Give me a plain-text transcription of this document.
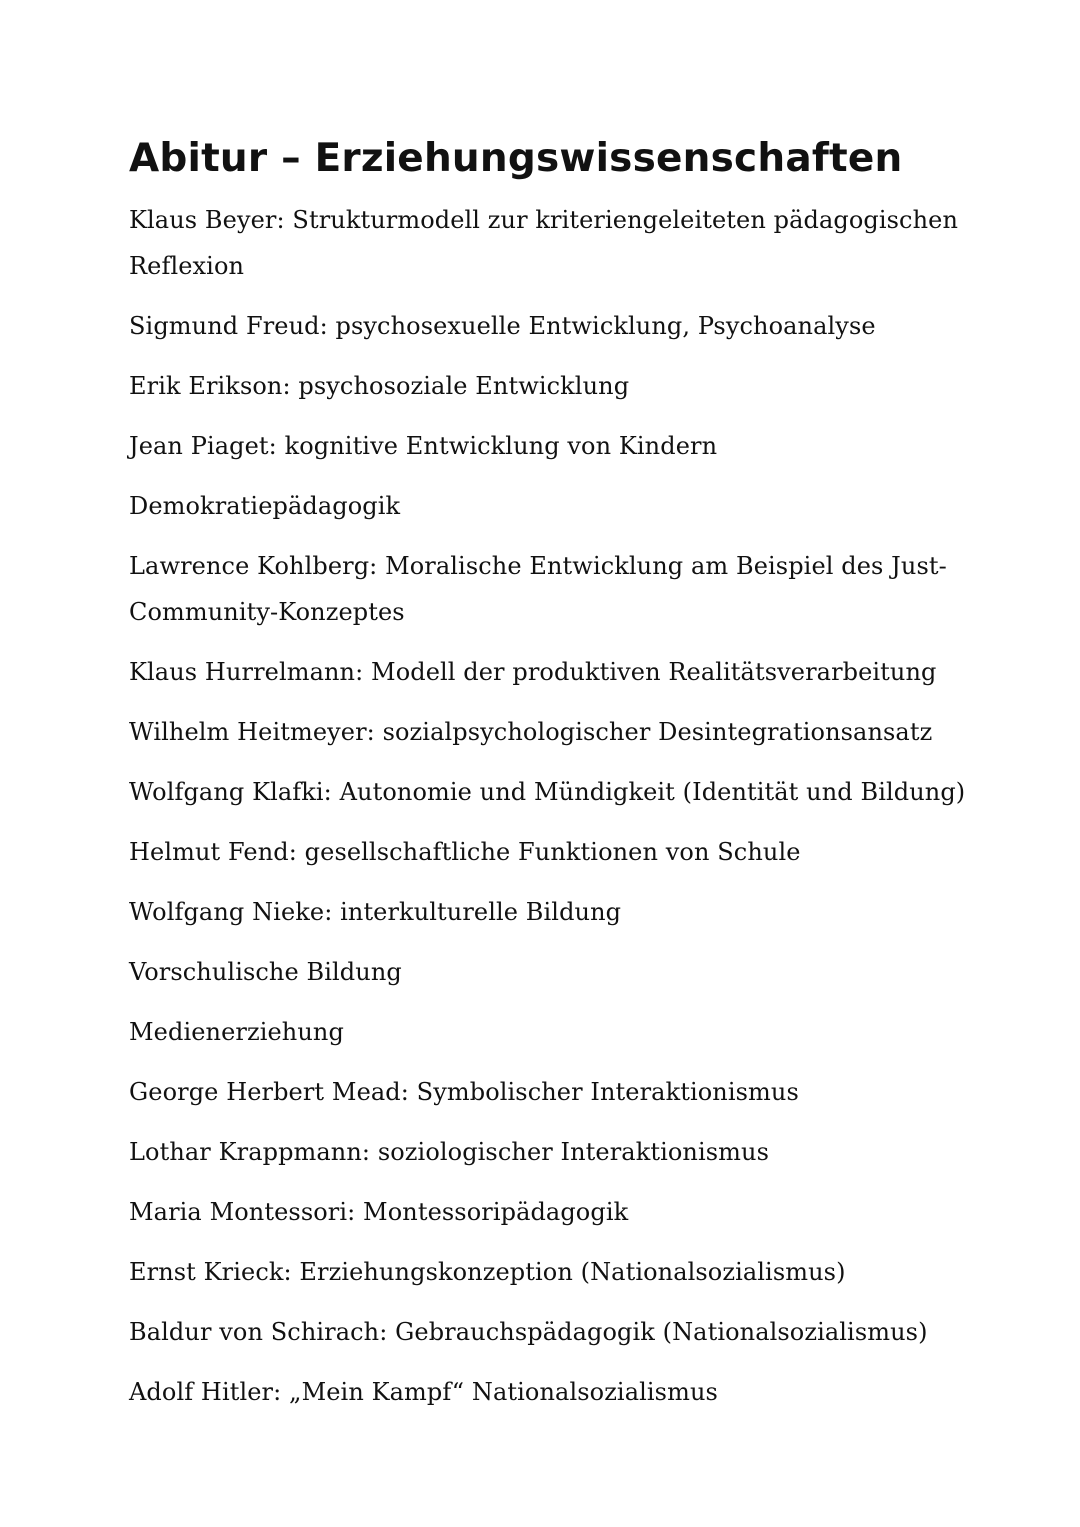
Abitur – Erziehungswissenschaften
Klaus Beyer: Strukturmodell zur kriteriengeleiteten pädagogischen Reflexion
Sigmund Freud: psychosexuelle Entwicklung, Psychoanalyse
Erik Erikson: psychosoziale Entwicklung
Jean Piaget: kognitive Entwicklung von Kindern
Demokratiepädagogik
Lawrence Kohlberg: Moralische Entwicklung am Beispiel des Just-Community-Konzeptes
Klaus Hurrelmann: Modell der produktiven Realitätsverarbeitung
Wilhelm Heitmeyer: sozialpsychologischer Desintegrationsansatz
Wolfgang Klafki: Autonomie und Mündigkeit (Identität und Bildung)
Helmut Fend: gesellschaftliche Funktionen von Schule
Wolfgang Nieke: interkulturelle Bildung
Vorschulische Bildung
Medienerziehung
George Herbert Mead: Symbolischer Interaktionismus
Lothar Krappmann: soziologischer Interaktionismus
Maria Montessori: Montessoripädagogik
Ernst Krieck: Erziehungskonzeption (Nationalsozialismus)
Baldur von Schirach: Gebrauchspädagogik (Nationalsozialismus)
Adolf Hitler: „Mein Kampf“ Nationalsozialismus
